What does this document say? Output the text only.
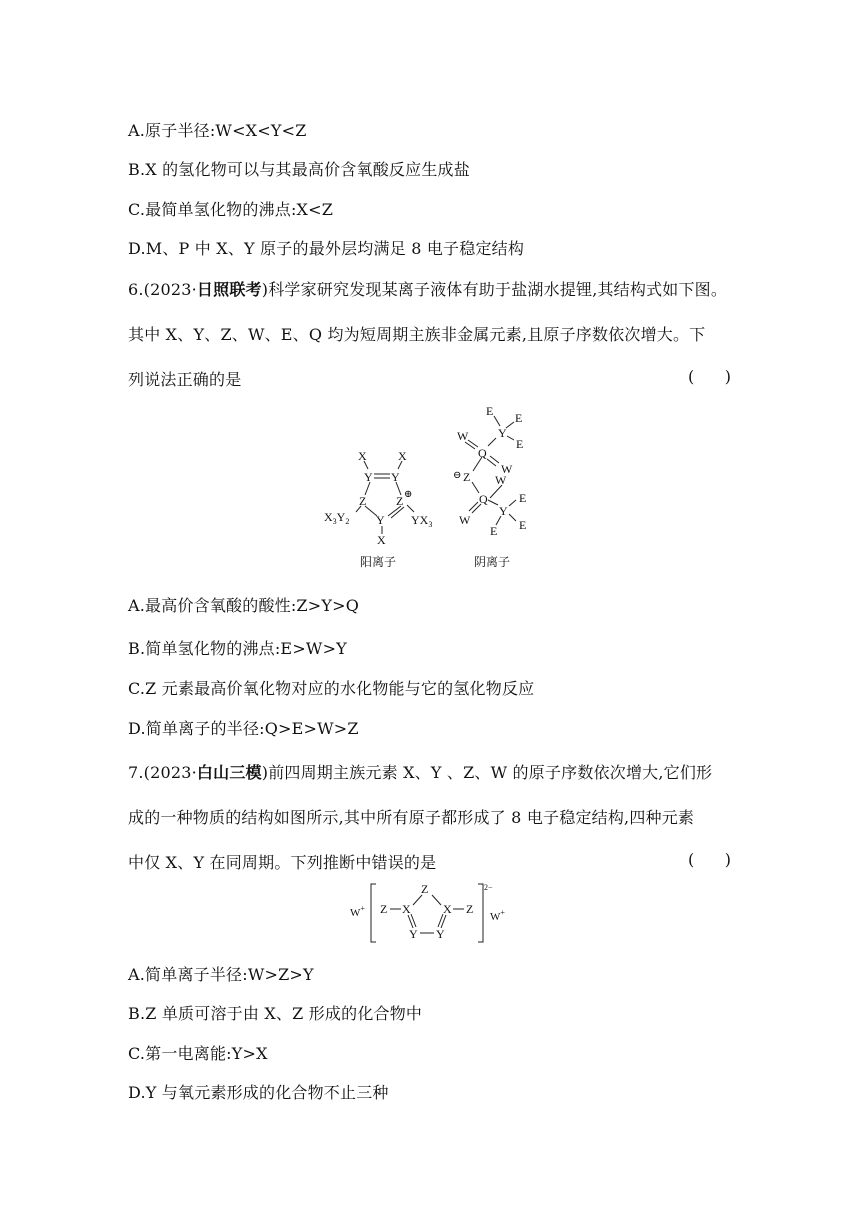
A.原子半径:W<X<Y<Z
B.X 的氢化物可以与其最高价含氧酸反应生成盐
C.最简单氢化物的沸点:X<Z
D.M、P 中 X、Y 原子的最外层均满足 8 电子稳定结构
6.(2023·日照联考)科学家研究发现某离子液体有助于盐湖水提锂,其结构式如下图。
其中 X、Y、Z、W、E、Q 均为短周期主族非金属元素,且原子序数依次增大。下
列说法正确的是	(      )
X	X
Y Y
Z Z ⊕
Y
X
$X_3Y_2$	$YX_3$
阳离子
E E
Y
E
W
Q
W
⊖ Z W
Q	E
Y
W	E
E
阴离子
A.最高价含氧酸的酸性:Z>Y>Q
B.简单氢化物的沸点:E>W>Y
C.Z 元素最高价氧化物对应的水化物能与它的氢化物反应
D.简单离子的半径:Q>E>W>Z
7.(2023·白山三模)前四周期主族元素 X、Y 、Z、W 的原子序数依次增大,它们形
成的一种物质的结构如图所示,其中所有原子都形成了 8 电子稳定结构,四种元素
中仅 X、Y 在同周期。下列推断中错误的是	(      )
W+
Z
Z X	X Z
Y Y
2−
W+
A.简单离子半径:W>Z>Y
B.Z 单质可溶于由 X、Z 形成的化合物中
C.第一电离能:Y>X
D.Y 与氧元素形成的化合物不止三种
